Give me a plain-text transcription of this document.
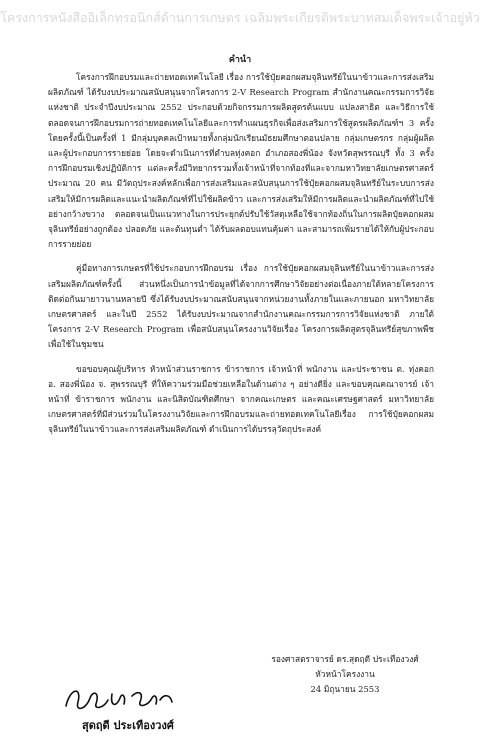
โครงการหนังสืออิเล็กทรอนิกส์ด้านการเกษตร เฉลิมพระเกียรติพระบาทสมเด็จพระเจ้าอยู่หัว
คำนำ

โครงการฝึกอบรมและถ่ายทอดเทคโนโลยี เรื่อง การใช้ปุ๋ยคอกผสมจุลินทรีย์ในนาข้าวและการส่งเสริมผลิตภัณฑ์ ได้รับงบประมาณสนับสนุนจากโครงการ 2-V Research Program สำนักงานคณะกรรมการวิจัยแห่งชาติ ประจำปีงบประมาณ 2552 ประกอบด้วยกิจกรรมการผลิตสูตรต้นแบบ แปลงสาธิต และวิธีการใช้ตลอดจนการฝึกอบรมการถ่ายทอดเทคโนโลยีและการทำแผนธุรกิจเพื่อส่งเสริมการใช้สูตรผลิตภัณฑ์ฯ 3 ครั้ง โดยครั้งนี้เป็นครั้งที่ 1 มีกลุ่มบุคคลเป้าหมายทั้งกลุ่มนักเรียนมัธยมศึกษาตอนปลาย กลุ่มเกษตรกร กลุ่มผู้ผลิตและผู้ประกอบการรายย่อย โดยจะดำเนินการที่ตำบลทุ่งคอก อำเภอสองพี่น้อง จังหวัดสุพรรณบุรี ทั้ง 3 ครั้ง การฝึกอบรมเชิงปฏิบัติการ แต่ละครั้งมีวิทยากรรวมทั้งเจ้าหน้าที่จากท้องที่และจากมหาวิทยาลัยเกษตรศาสตร์ ประมาณ 20 คน มีวัตถุประสงค์หลักเพื่อการส่งเสริมและสนับสนุนการใช้ปุ๋ยคอกผสมจุลินทรีย์ในระบบการส่งเสริมให้มีการผลิตและแนะนำผลิตภัณฑ์ที่ไปใช้ผลิตข้าว และการส่งเสริมให้มีการผลิตและนำผลิตภัณฑ์ที่ไปใช้อย่างกว้างขวาง ตลอดจนเป็นแนวทางในการประยุกต์ปรับใช้วัสดุเหลือใช้จากท้องถิ่นในการผลิตปุ๋ยคอกผสมจุลินทรีย์อย่างถูกต้อง ปลอดภัย และต้นทุนต่ำ ได้รับผลตอบแทนคุ้มค่า และสามารถเพิ่มรายได้ให้กับผู้ประกอบการรายย่อย

คู่มือทางการเกษตรที่ใช้ประกอบการฝึกอบรม เรื่อง การใช้ปุ๋ยคอกผสมจุลินทรีย์ในนาข้าวและการส่งเสริมผลิตภัณฑ์ครั้งนี้ ส่วนหนึ่งเป็นการนำข้อมูลที่ได้จากการศึกษาวิจัยอย่างต่อเนื่องภายใต้หลายโครงการติดต่อกันมายาวนานหลายปี ซึ่งได้รับงบประมาณสนับสนุนจากหน่วยงานทั้งภายในและภายนอก มหาวิทยาลัยเกษตรศาสตร์ และในปี 2552 ได้รับงบประมาณจากสำนักงานคณะกรรมการการวิจัยแห่งชาติ ภายใต้โครงการ 2-V Research Program เพื่อสนับสนุนโครงงานวิจัยเรื่อง โครงการผลิตสูตรจุลินทรีย์สุขภาพพืชเพื่อใช้ในชุมชน

ขอขอบคุณผู้บริหาร หัวหน้าส่วนราชการ ข้าราชการ เจ้าหน้าที่ พนักงาน และประชาชน ต. ทุ่งคอก อ. สองพี่น้อง จ. สุพรรณบุรี ที่ให้ความร่วมมือช่วยเหลือในด้านต่าง ๆ อย่างดียิ่ง และขอบคุณคณาจารย์ เจ้าหน้าที่ ข้าราชการ พนักงาน และนิสิตบัณฑิตศึกษา จากคณะเกษตร และคณะเศรษฐศาสตร์ มหาวิทยาลัยเกษตรศาสตร์ที่มีส่วนร่วมในโครงงานวิจัยและการฝึกอบรมและถ่ายทอดเทคโนโลยีเรื่อง การใช้ปุ๋ยคอกผสมจุลินทรีย์ในนาข้าวและการส่งเสริมผลิตภัณฑ์ ดำเนินการได้บรรลุวัตถุประสงค์

รองศาสตราจารย์ ดร.สุดฤดี ประเทืองวงศ์
หัวหน้าโครงงาน
24 มิถุนายน 2553
สุดฤดี ประเทืองวงศ์
